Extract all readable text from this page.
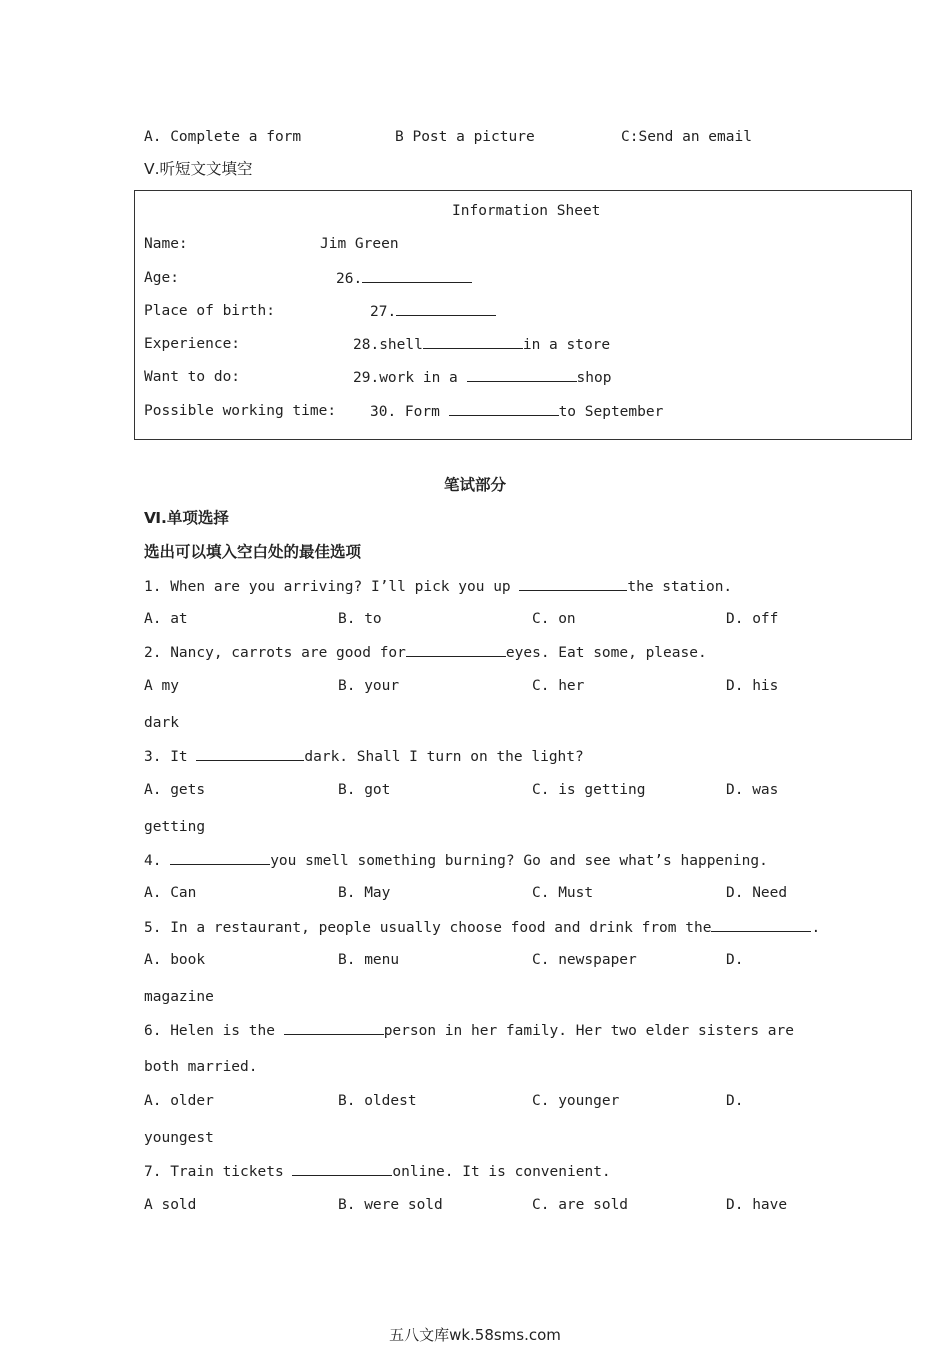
A. Complete a form	B Post a picture	C:Send an email
Ⅴ.听短文文填空
Information Sheet
Name:	Jim Green
Age:	26.
Place of birth:	27.
Experience:	28.shell	in a store
Want to do:	29.work in a	shop
Possible working time: 30. Form	to September
笔试部分
Ⅵ.单项选择
选出可以填入空白处的最佳选项
1. When are you arriving? I’ll pick you up	the station.
A. at	B. to	C. on	D. off
2. Nancy, carrots are good for	eyes. Eat some, please.
A my	B. your	C. her	D. his
dark
3. It	dark. Shall I turn on the light?
A. gets	B. got	C. is getting	D. was
getting
4.	you smell something burning? Go and see what’s happening.
A. Can	B. May	C. Must	D. Need
5. In a restaurant, people usually choose food and drink from the	.
A. book	B. menu	C. newspaper	D.
magazine
6. Helen is the	person in her family. Her two elder sisters are
both married.
A. older	B. oldest	C. younger	D.
youngest
7. Train tickets	online. It is convenient.
A sold	B. were sold	C. are sold	D. have
五八文库wk.58sms.com
